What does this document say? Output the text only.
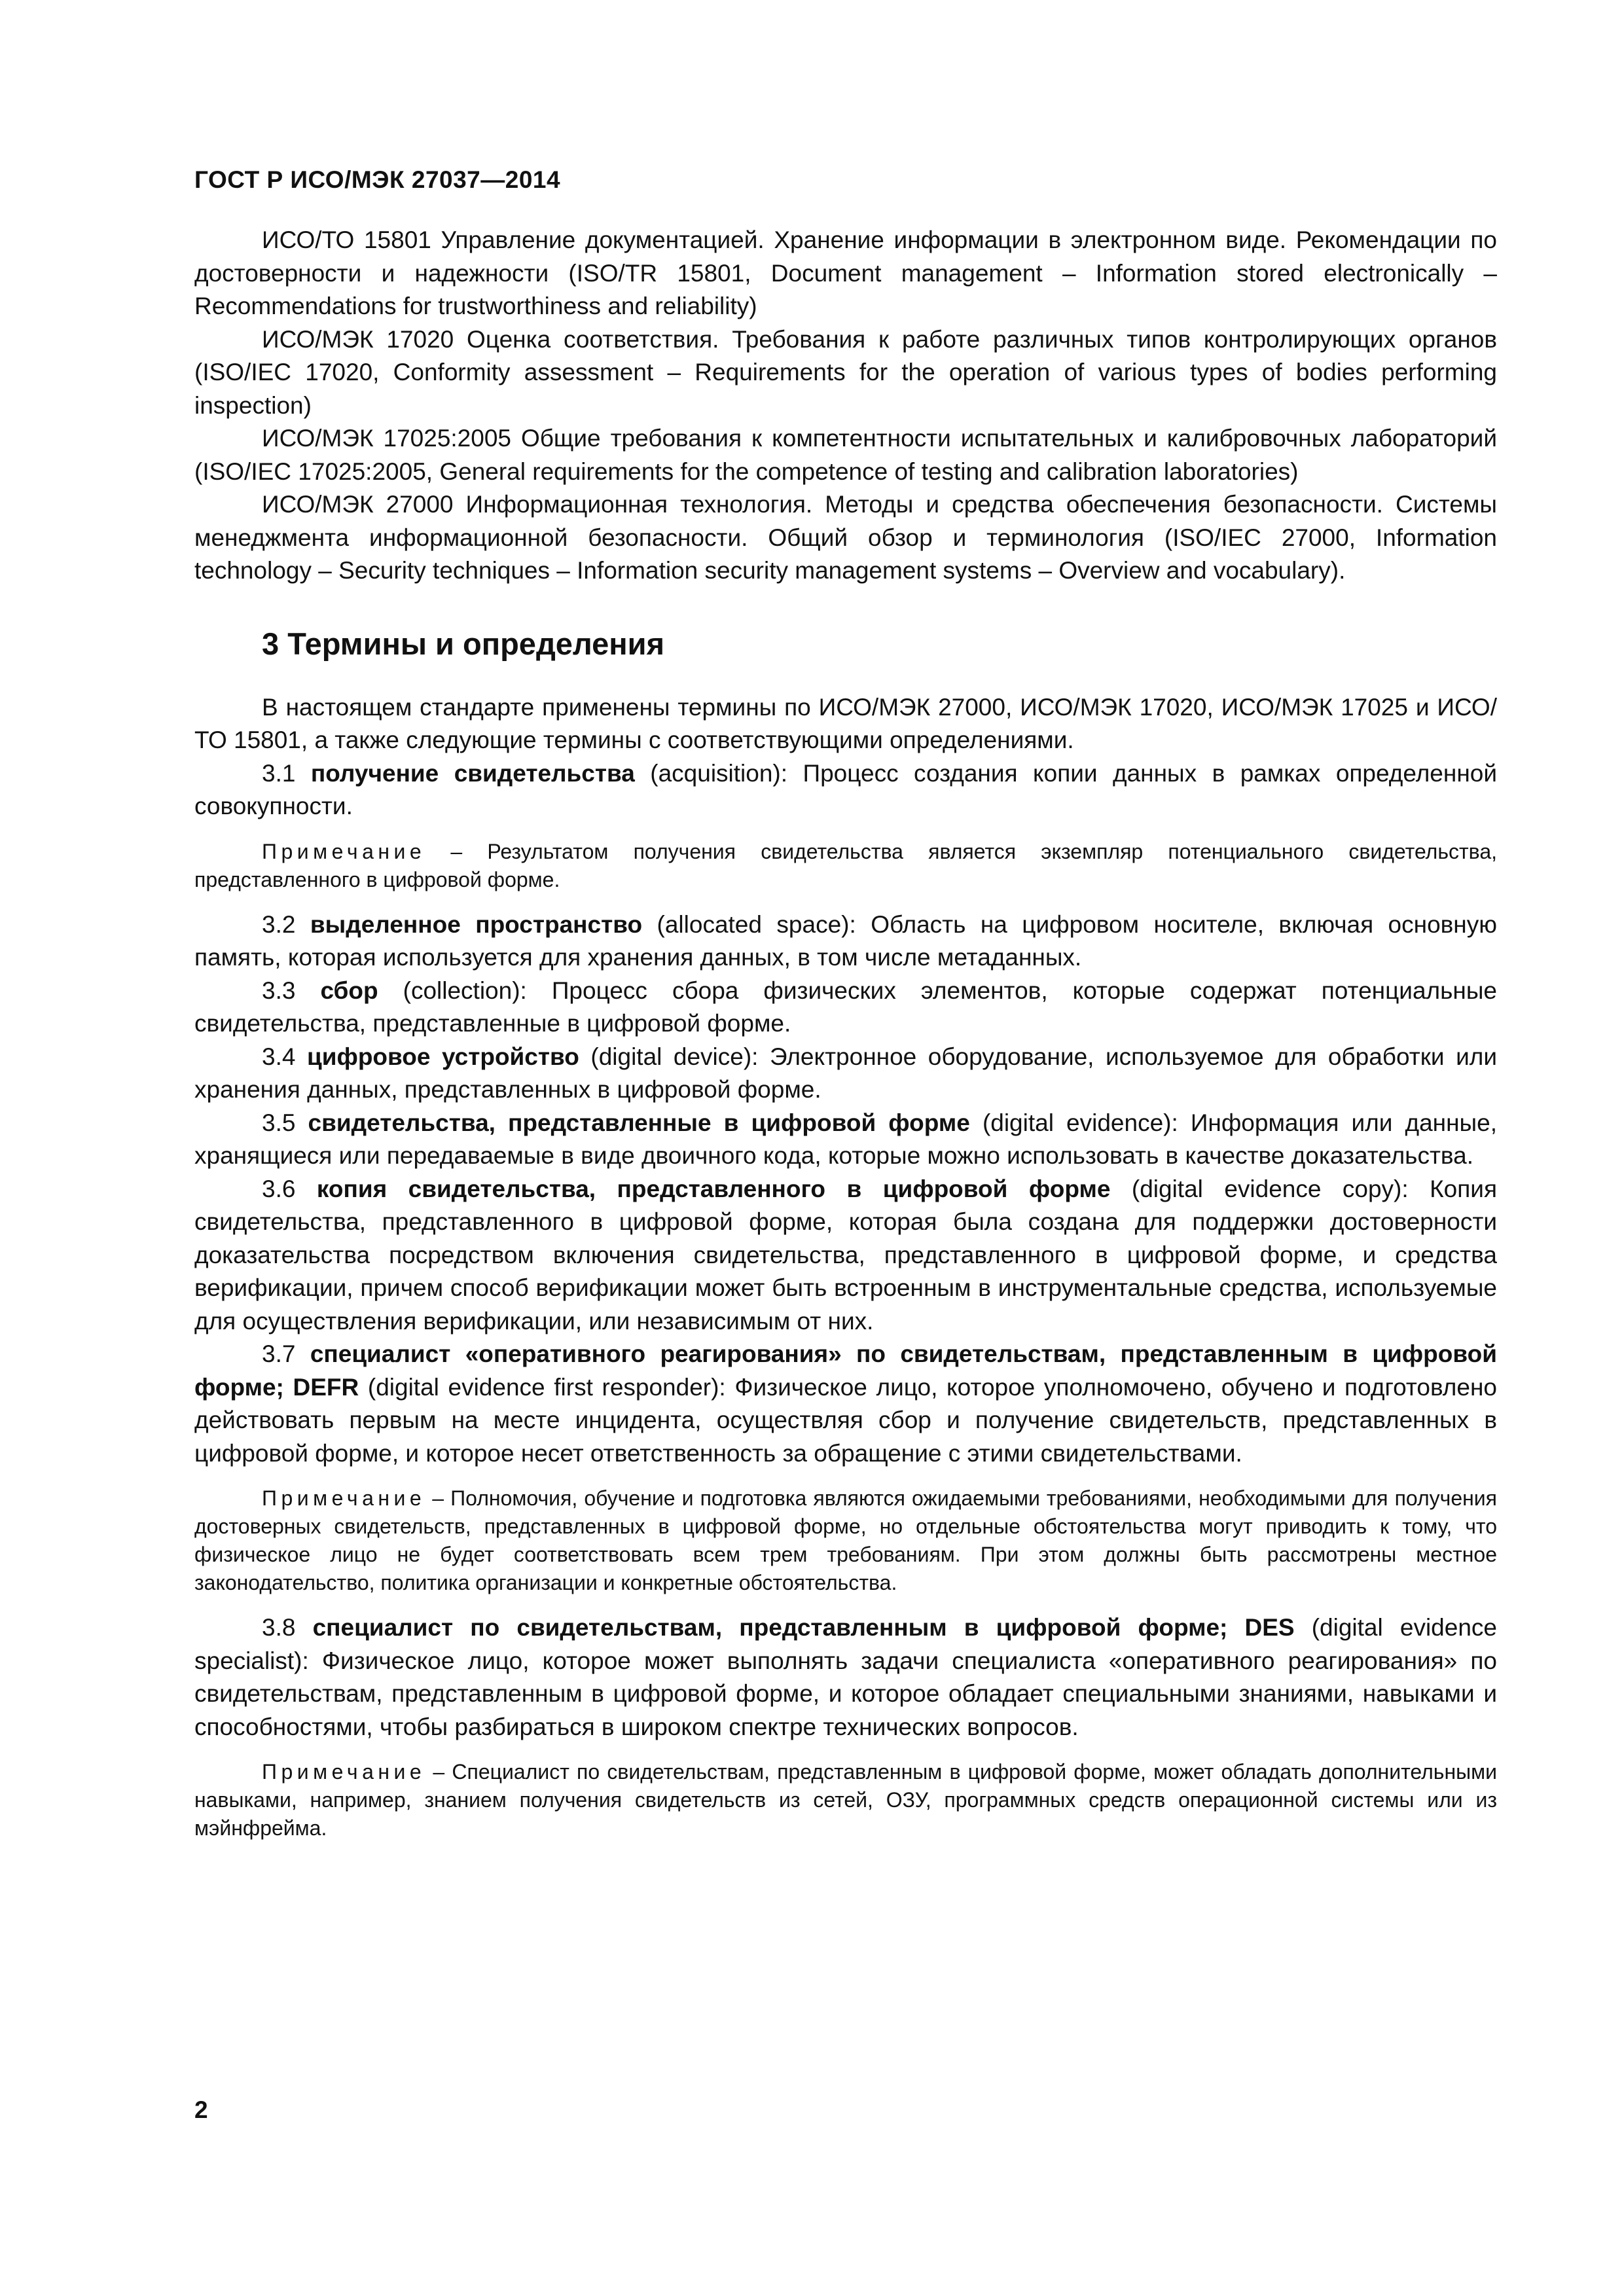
ГОСТ Р ИСО/МЭК 27037—2014

ИСО/ТО 15801 Управление документацией. Хранение информации в электронном виде. Рекомендации по достоверности и надежности (ISO/TR 15801, Document management – Information stored electronically – Recommendations for trustworthiness and reliability)

ИСО/МЭК 17020 Оценка соответствия. Требования к работе различных типов контролирующих органов (ISO/IEC 17020, Conformity assessment – Requirements for the operation of various types of bodies performing inspection)

ИСО/МЭК 17025:2005 Общие требования к компетентности испытательных и калибровочных лабораторий (ISO/IEC 17025:2005, General requirements for the competence of testing and calibration laboratories)

ИСО/МЭК 27000 Информационная технология. Методы и средства обеспечения безопасности. Системы менеджмента информационной безопасности. Общий обзор и терминология (ISO/IEC 27000, Information technology – Security techniques – Information security management systems – Overview and vocabulary).

3 Термины и определения

В настоящем стандарте применены термины по ИСО/МЭК 27000, ИСО/МЭК 17020, ИСО/МЭК 17025 и ИСО/ТО 15801, а также следующие термины с соответствующими определениями.

3.1 получение свидетельства (acquisition): Процесс создания копии данных в рамках определенной совокупности.

Примечание – Результатом получения свидетельства является экземпляр потенциального свидетельства, представленного в цифровой форме.

3.2 выделенное пространство (allocated space): Область на цифровом носителе, включая основную память, которая используется для хранения данных, в том числе метаданных.

3.3 сбор (collection): Процесс сбора физических элементов, которые содержат потенциальные свидетельства, представленные в цифровой форме.

3.4 цифровое устройство (digital device): Электронное оборудование, используемое для обработки или хранения данных, представленных в цифровой форме.

3.5 свидетельства, представленные в цифровой форме (digital evidence): Информация или данные, хранящиеся или передаваемые в виде двоичного кода, которые можно использовать в качестве доказательства.

3.6 копия свидетельства, представленного в цифровой форме (digital evidence copy): Копия свидетельства, представленного в цифровой форме, которая была создана для поддержки достоверности доказательства посредством включения свидетельства, представленного в цифровой форме, и средства верификации, причем способ верификации может быть встроенным в инструментальные средства, используемые для осуществления верификации, или независимым от них.

3.7 специалист «оперативного реагирования» по свидетельствам, представленным в цифровой форме; DEFR (digital evidence first responder): Физическое лицо, которое уполномочено, обучено и подготовлено действовать первым на месте инцидента, осуществляя сбор и получение свидетельств, представленных в цифровой форме, и которое несет ответственность за обращение с этими свидетельствами.

Примечание – Полномочия, обучение и подготовка являются ожидаемыми требованиями, необходимыми для получения достоверных свидетельств, представленных в цифровой форме, но отдельные обстоятельства могут приводить к тому, что физическое лицо не будет соответствовать всем трем требованиям. При этом должны быть рассмотрены местное законодательство, политика организации и конкретные обстоятельства.

3.8 специалист по свидетельствам, представленным в цифровой форме; DES (digital evidence specialist): Физическое лицо, которое может выполнять задачи специалиста «оперативного реагирования» по свидетельствам, представленным в цифровой форме, и которое обладает специальными знаниями, навыками и способностями, чтобы разбираться в широком спектре технических вопросов.

Примечание – Специалист по свидетельствам, представленным в цифровой форме, может обладать дополнительными навыками, например, знанием получения свидетельств из сетей, ОЗУ, программных средств операционной системы или из мэйнфрейма.

2
